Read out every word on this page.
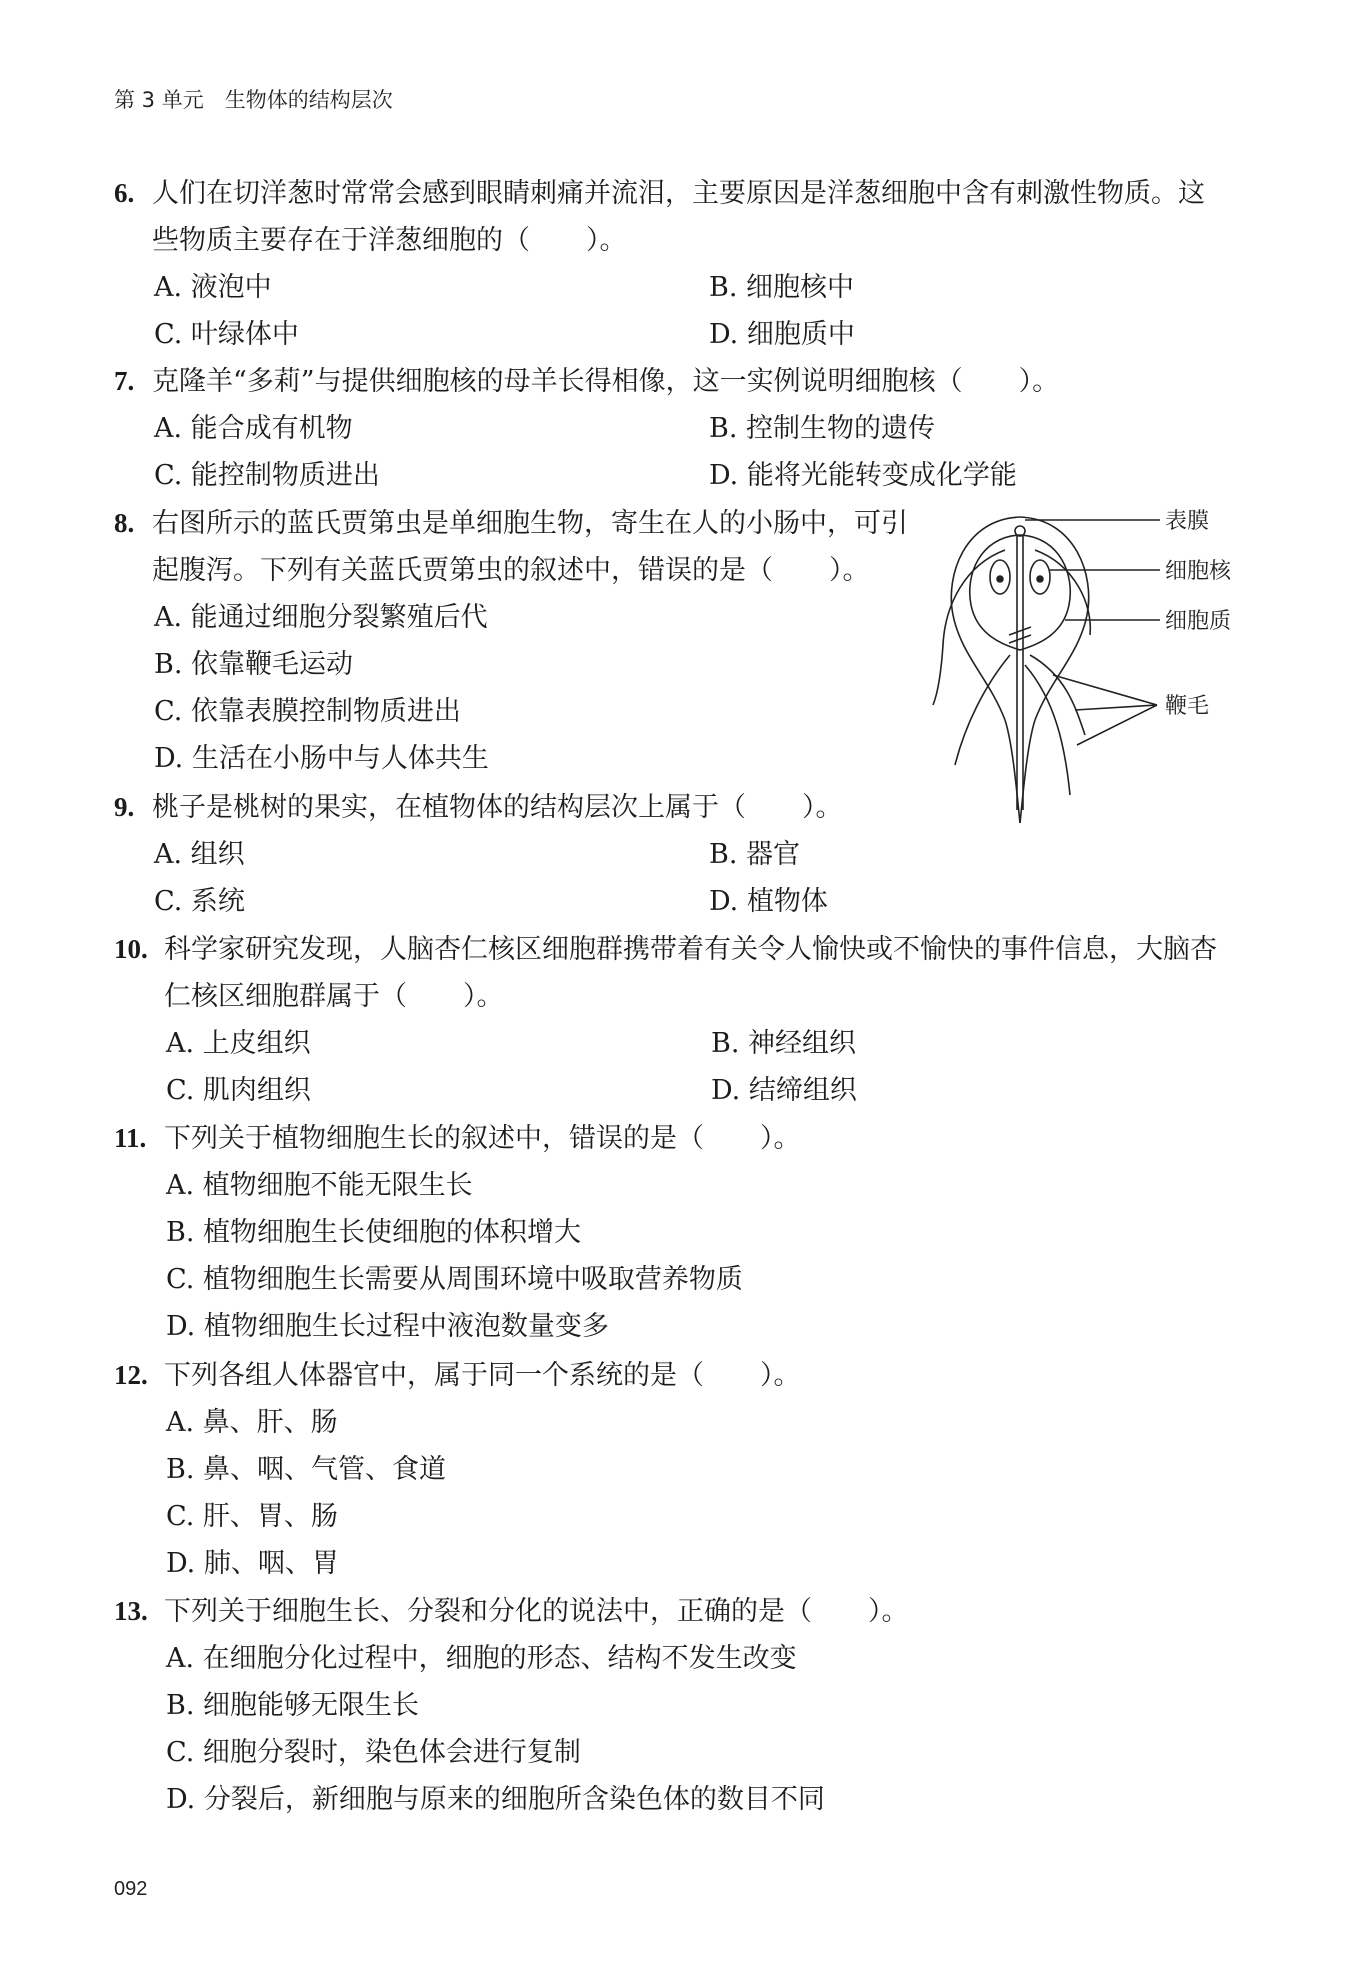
第 3 单元　生物体的结构层次
6. 人们在切洋葱时常常会感到眼睛刺痛并流泪，主要原因是洋葱细胞中含有刺激性物质。这
些物质主要存在于洋葱细胞的（ ）。
A. 液泡中	B. 细胞核中
C. 叶绿体中	D. 细胞质中
7. 克隆羊“多莉”与提供细胞核的母羊长得相像，这一实例说明细胞核（ ）。
A. 能合成有机物	B. 控制生物的遗传
C. 能控制物质进出	D. 能将光能转变成化学能
8. 右图所示的蓝氏贾第虫是单细胞生物，寄生在人的小肠中，可引
起腹泻。下列有关蓝氏贾第虫的叙述中，错误的是（ ）。
A. 能通过细胞分裂繁殖后代
B. 依靠鞭毛运动
C. 依靠表膜控制物质进出
D. 生活在小肠中与人体共生
表膜
细胞核
细胞质
鞭毛
9. 桃子是桃树的果实，在植物体的结构层次上属于（ ）。
A. 组织	B. 器官
C. 系统	D. 植物体
10. 科学家研究发现，人脑杏仁核区细胞群携带着有关令人愉快或不愉快的事件信息，大脑杏
仁核区细胞群属于（ ）。
A. 上皮组织	B. 神经组织
C. 肌肉组织	D. 结缔组织
11. 下列关于植物细胞生长的叙述中，错误的是（ ）。
A. 植物细胞不能无限生长
B. 植物细胞生长使细胞的体积增大
C. 植物细胞生长需要从周围环境中吸取营养物质
D. 植物细胞生长过程中液泡数量变多
12. 下列各组人体器官中，属于同一个系统的是（ ）。
A. 鼻、肝、肠
B. 鼻、咽、气管、食道
C. 肝、胃、肠
D. 肺、咽、胃
13. 下列关于细胞生长、分裂和分化的说法中，正确的是（ ）。
A. 在细胞分化过程中，细胞的形态、结构不发生改变
B. 细胞能够无限生长
C. 细胞分裂时，染色体会进行复制
D. 分裂后，新细胞与原来的细胞所含染色体的数目不同
092
